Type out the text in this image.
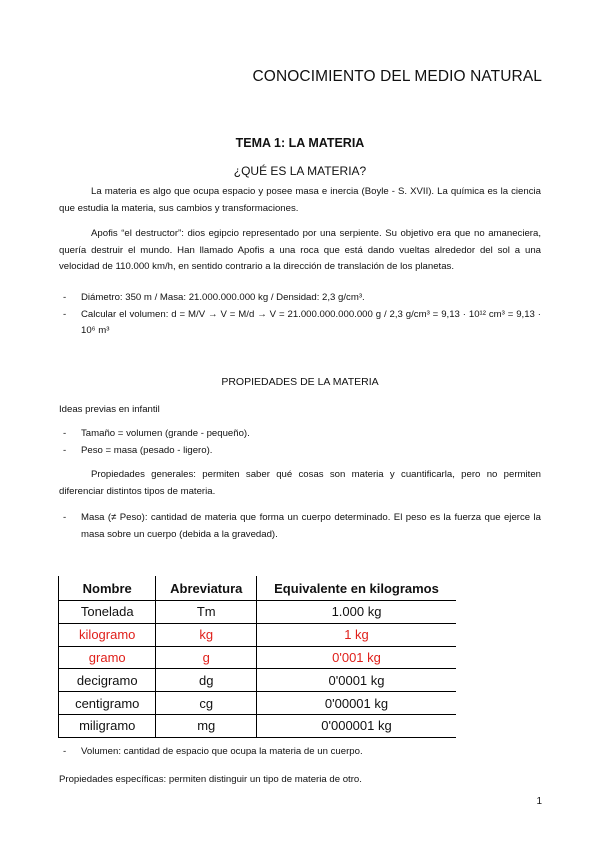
CONOCIMIENTO DEL MEDIO NATURAL
TEMA 1: LA MATERIA
¿QUÉ ES LA MATERIA?

La materia es algo que ocupa espacio y posee masa e inercia (Boyle - S. XVII). La química es la ciencia que estudia la materia, sus cambios y transformaciones.

Apofis “el destructor”: dios egipcio representado por una serpiente. Su objetivo era que no amaneciera, quería destruir el mundo. Han llamado Apofis a una roca que está dando vueltas alrededor del sol a una velocidad de 110.000 km/h, en sentido contrario a la dirección de translación de los planetas.

- Diámetro: 350 m / Masa: 21.000.000.000 kg / Densidad: 2,3 g/cm³.
- Calcular el volumen: d = M/V → V = M/d → V = 21.000.000.000.000 g / 2,3 g/cm³ = 9,13 · 10¹² cm³ = 9,13 · 10⁶ m³
PROPIEDADES DE LA MATERIA
Ideas previas en infantil
- Tamaño = volumen (grande - pequeño).
- Peso = masa (pesado - ligero).

Propiedades generales: permiten saber qué cosas son materia y cuantificarla, pero no permiten diferenciar distintos tipos de materia.

- Masa (≠ Peso): cantidad de materia que forma un cuerpo determinado. El peso es la fuerza que ejerce la masa sobre un cuerpo (debida a la gravedad).
Nombre	Abreviatura	Equivalente en kilogramos
Tonelada	Tm	1.000 kg
kilogramo	kg	1 kg
gramo	g	0'001 kg
decigramo	dg	0'0001 kg
centigramo	cg	0'00001 kg
miligramo	mg	0'000001 kg
- Volumen: cantidad de espacio que ocupa la materia de un cuerpo.
Propiedades específicas: permiten distinguir un tipo de materia de otro.
1
